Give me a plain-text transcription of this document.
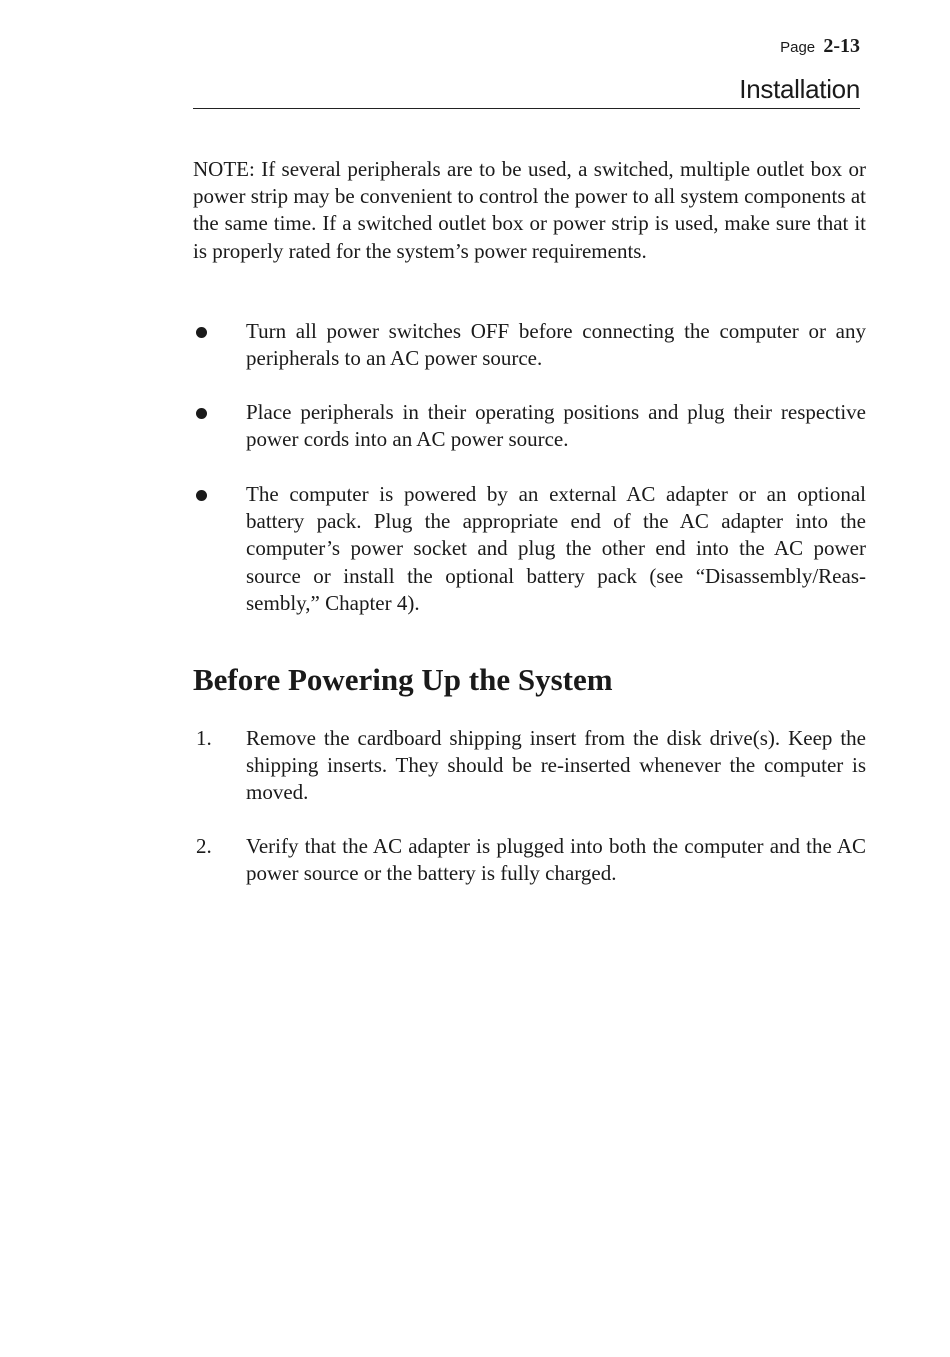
Page 2-13
Installation

NOTE: If several peripherals are to be used, a switched, multiple outlet box or power strip may be convenient to control the power to all system components at the same time. If a switched outlet box or power strip is used, make sure that it is properly rated for the system’s power requirements.

Turn all power switches OFF before connecting the computer or any peripherals to an AC power source.
Place peripherals in their operating positions and plug their respective power cords into an AC power source.
The computer is powered by an external AC adapter or an optional battery pack. Plug the appropriate end of the AC adapter into the computer’s power socket and plug the other end into the AC power source or install the optional battery pack (see “Disassembly/Reassembly,” Chapter 4).
Before Powering Up the System
1. Remove the cardboard shipping insert from the disk drive(s). Keep the shipping inserts. They should be re-inserted whenever the computer is moved.
2. Verify that the AC adapter is plugged into both the computer and the AC power source or the battery is fully charged.
